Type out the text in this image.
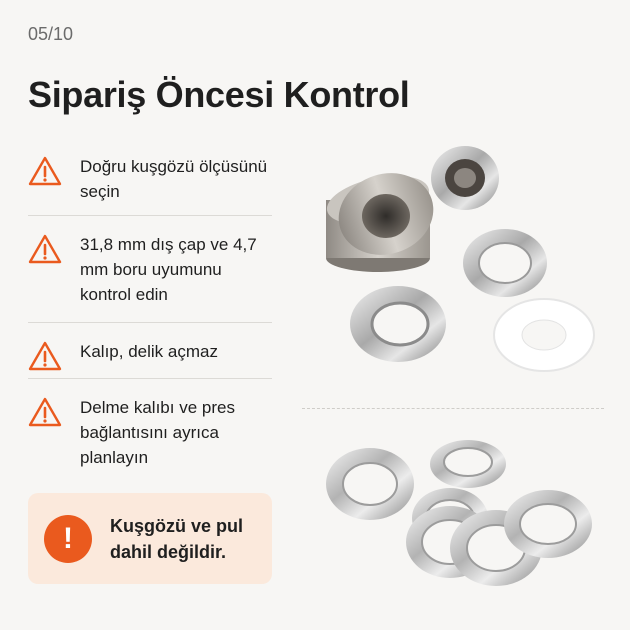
05/10
Sipariş Öncesi Kontrol
Doğru kuşgözü ölçüsünü seçin
31,8 mm dış çap ve 4,7 mm boru uyumunu kontrol edin
Kalıp, delik açmaz
Delme kalıbı ve pres bağlantısını ayrıca planlayın
!	Kuşgözü ve pul dahil değildir.
